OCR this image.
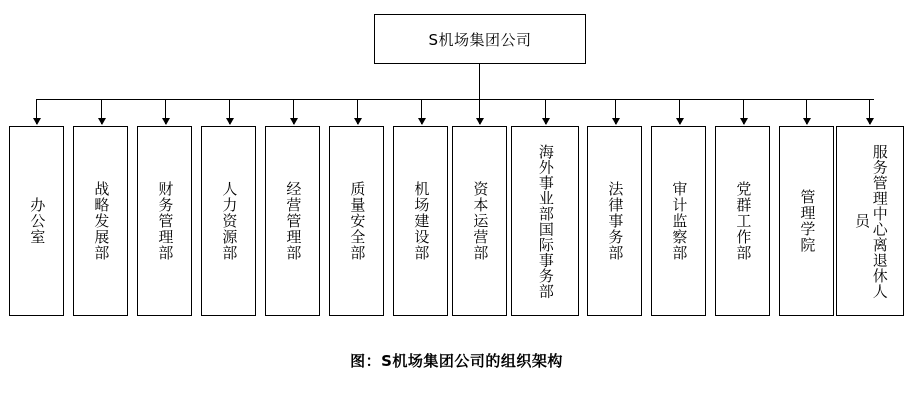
S机场集团公司
办公室	战略发展部	财务管理部	人力资源部	经营管理部	质量安全部	机场建设部	资本运营部	海外事业部国际事务部	法律事务部	审计监察部	党群工作部	管理学院	服务管理中心离退休人员
图：S机场集团公司的组织架构
